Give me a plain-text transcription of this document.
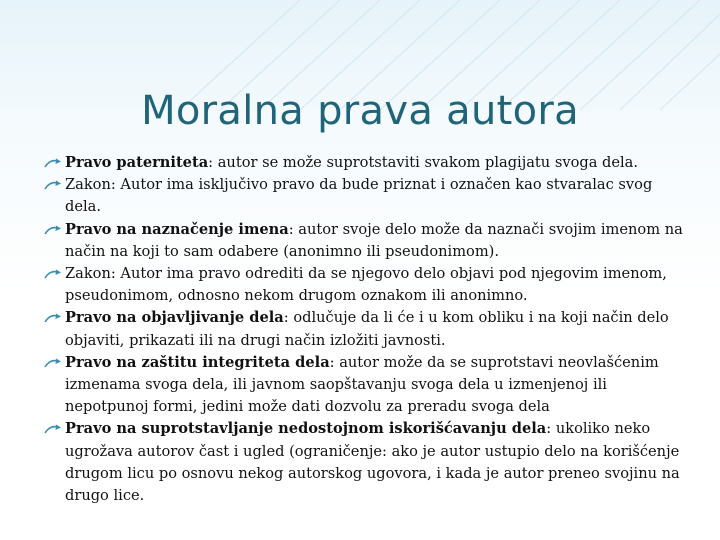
Moralna prava autora
Pravo paterniteta: autor se može suprotstaviti svakom plagijatu svoga dela.
Zakon: Autor ima isključivo pravo da bude priznat i označen kao stvaralac svog dela.
Pravo na naznačenje imena: autor svoje delo može da naznači svojim imenom na način na koji to sam odabere (anonimno ili pseudonimom).
Zakon: Autor ima pravo odrediti da se njegovo delo objavi pod njegovim imenom, pseudonimom, odnosno nekom drugom oznakom ili anonimno.
Pravo na objavljivanje dela: odlučuje da li će i u kom obliku i na koji način delo objaviti, prikazati ili na drugi način izložiti javnosti.
Pravo na zaštitu integriteta dela: autor može da se suprotstavi neovlašćenim izmenama svoga dela, ili javnom saopštavanju svoga dela u izmenjenoj ili nepotpunoj formi, jedini može dati dozvolu za preradu svoga dela
Pravo na suprotstavljanje nedostojnom iskorišćavanju dela: ukoliko neko ugrožava autorov čast i ugled (ograničenje: ako je autor ustupio delo na korišćenje drugom licu po osnovu nekog autorskog ugovora, i kada je autor preneo svojinu na drugo lice.
